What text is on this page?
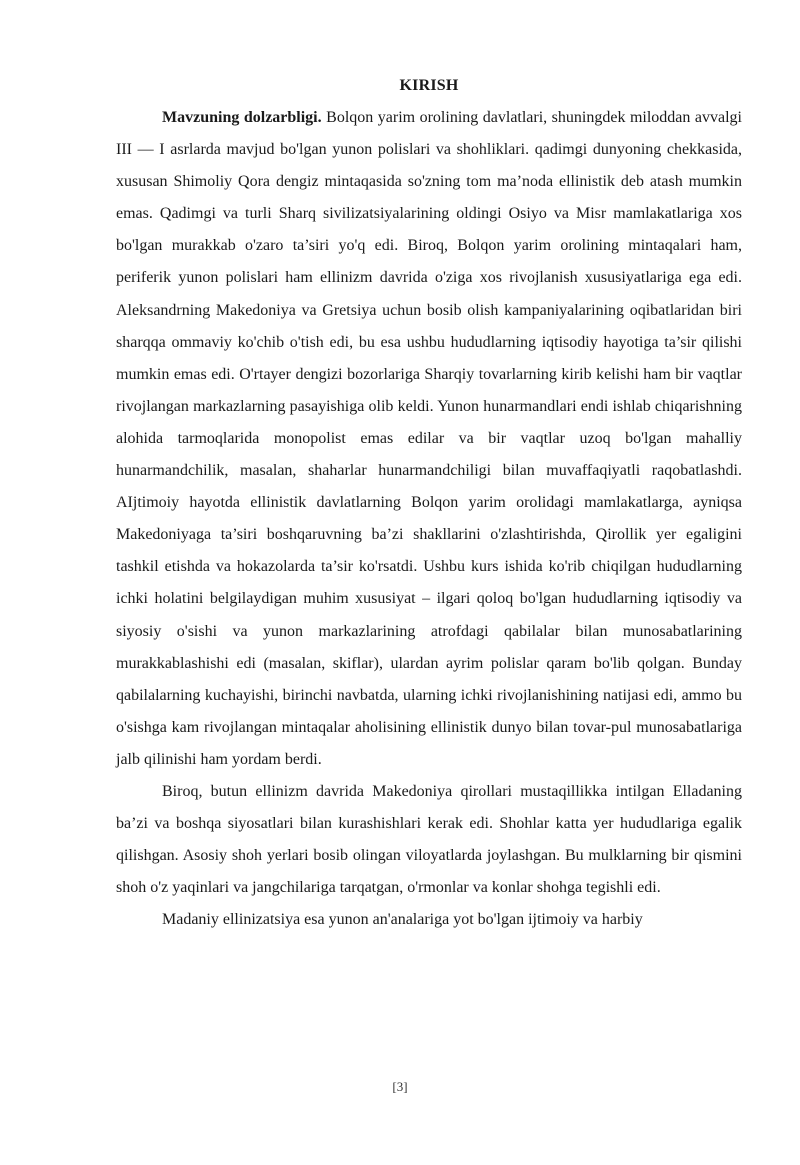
KIRISH

Mavzuning dolzarbligi. Bolqon yarim orolining davlatlari, shuningdek miloddan avvalgi III — I asrlarda mavjud bo'lgan yunon polislari va shohliklari. qadimgi dunyoning chekkasida, xususan Shimoliy Qora dengiz mintaqasida so'zning tom ma’noda ellinistik deb atash mumkin emas. Qadimgi va turli Sharq sivilizatsiyalarining oldingi Osiyo va Misr mamlakatlariga xos bo'lgan murakkab o'zaro ta’siri yo'q edi. Biroq, Bolqon yarim orolining mintaqalari ham, periferik yunon polislari ham ellinizm davrida o'ziga xos rivojlanish xususiyatlariga ega edi. Aleksandrning Makedoniya va Gretsiya uchun bosib olish kampaniyalarining oqibatlaridan biri sharqqa ommaviy ko'chib o'tish edi, bu esa ushbu hududlarning iqtisodiy hayotiga ta’sir qilishi mumkin emas edi. O'rtayer dengizi bozorlariga Sharqiy tovarlarning kirib kelishi ham bir vaqtlar rivojlangan markazlarning pasayishiga olib keldi. Yunon hunarmandlari endi ishlab chiqarishning alohida tarmoqlarida monopolist emas edilar va bir vaqtlar uzoq bo'lgan mahalliy hunarmandchilik, masalan, shaharlar hunarmandchiligi bilan muvaffaqiyatli raqobatlashdi. AIjtimoiy hayotda ellinistik davlatlarning Bolqon yarim orolidagi mamlakatlarga, ayniqsa Makedoniyaga ta’siri boshqaruvning ba’zi shakllarini o'zlashtirishda, Qirollik yer egaligini tashkil etishda va hokazolarda ta’sir ko'rsatdi. Ushbu kurs ishida ko'rib chiqilgan hududlarning ichki holatini belgilaydigan muhim xususiyat – ilgari qoloq bo'lgan hududlarning iqtisodiy va siyosiy o'sishi va yunon markazlarining atrofdagi qabilalar bilan munosabatlarining murakkablashishi edi (masalan, skiflar), ulardan ayrim polislar qaram bo'lib qolgan. Bunday qabilalarning kuchayishi, birinchi navbatda, ularning ichki rivojlanishining natijasi edi, ammo bu o'sishga kam rivojlangan mintaqalar aholisining ellinistik dunyo bilan tovar-pul munosabatlariga jalb qilinishi ham yordam berdi.

Biroq, butun ellinizm davrida Makedoniya qirollari mustaqillikka intilgan Elladaning ba’zi va boshqa siyosatlari bilan kurashishlari kerak edi. Shohlar katta yer hududlariga egalik qilishgan. Asosiy shoh yerlari bosib olingan viloyatlarda joylashgan. Bu mulklarning bir qismini shoh o'z yaqinlari va jangchilariga tarqatgan, o'rmonlar va konlar shohga tegishli edi.

Madaniy ellinizatsiya esa yunon an'analariga yot bo'lgan ijtimoiy va harbiy

[3]
